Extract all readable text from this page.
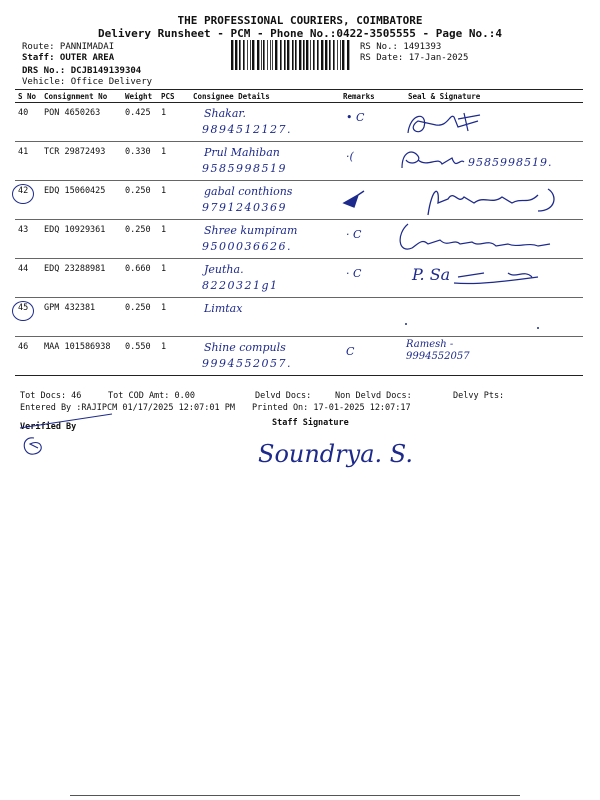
THE PROFESSIONAL COURIERS, COIMBATORE
Delivery Runsheet - PCM - Phone No.:0422-3505555 - Page No.:4
Route: PANNIMADAI
Staff: OUTER AREA
DRS No.: DCJB149139304
Vehicle: Office Delivery
RS No.: 1491393
RS Date: 17-Jan-2025
S No	Consignment No	Weight	PCS	Consignee Details	Remarks	Seal & Signature
40	PON 4650263	0.425	1	Shakar.
9894512127.	• C

41	TCR 29872493	0.330	1	Prul Mahiban
9585998519	·(	9585998519.

42	EDQ 15060425	0.250	1	gabal conthions
9791240369

43	EDQ 10929361	0.250	1	Shree kumpiram
9500036626.	· C

44	EDQ 23288981	0.660	1	Jeutha.
8220321g1	· C	P. Sa

45	GPM 432381	0.250	1	Limtax

46	MAA 101586938	0.550	1	Shine compuls
9994552057.	C	Ramesh - 9994552057
Tot Docs: 46	Tot COD Amt: 0.00	Delvd Docs:	Non Delvd Docs:	Delvy Pts:
Entered By :RAJIPCM 01/17/2025 12:07:01 PM Printed On: 17-01-2025 12:07:17
Verified By	Staff Signature
Soundrya. S.
